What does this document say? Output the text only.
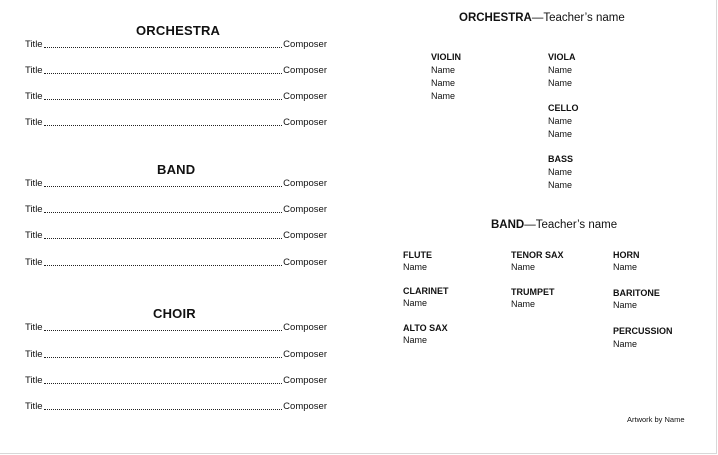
ORCHESTRA
Title	Composer
Title	Composer
Title	Composer
Title	Composer
BAND
Title	Composer
Title	Composer
Title	Composer
Title	Composer
CHOIR
Title	Composer
Title	Composer
Title	Composer
Title	Composer
ORCHESTRA—Teacher’s name
VIOLIN
Name
Name
Name
VIOLA
Name
Name
CELLO
Name
Name
BASS
Name
Name
BAND—Teacher’s name
FLUTE
Name
CLARINET
Name
ALTO SAX
Name
TENOR SAX
Name
TRUMPET
Name
HORN
Name
BARITONE
Name
PERCUSSION
Name
Artwork by Name
